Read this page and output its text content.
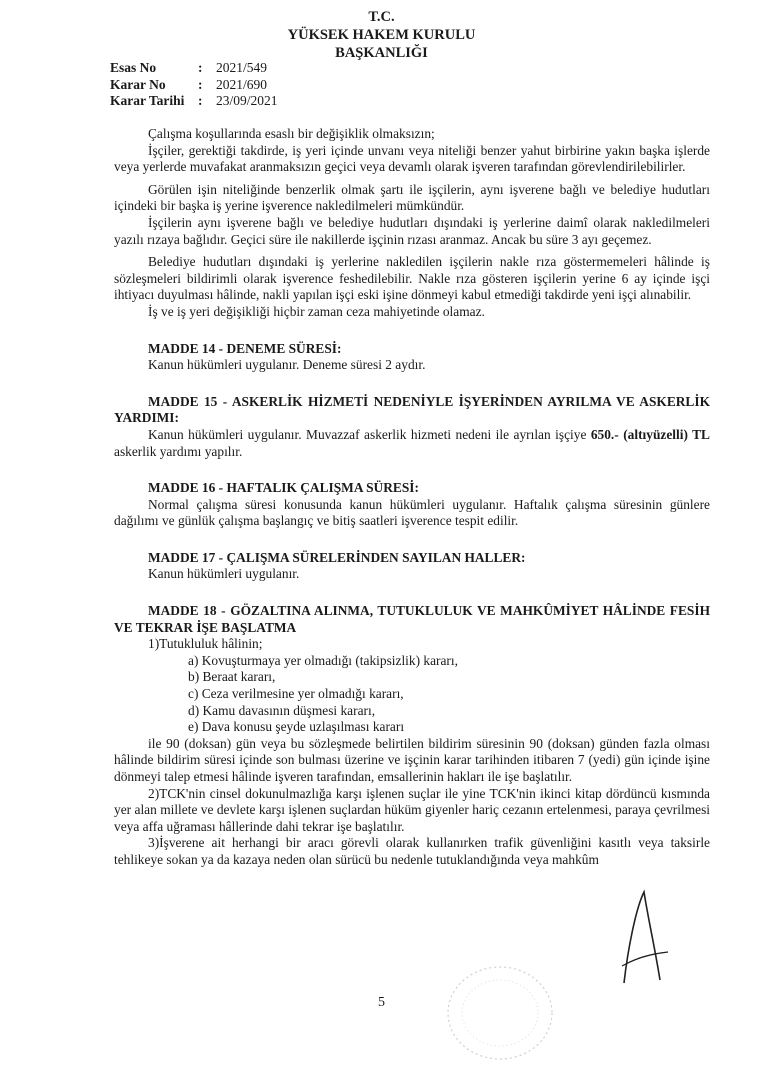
T.C.
YÜKSEK HAKEM KURULU
BAŞKANLIĞI
Esas No	:	2021/549
Karar No	:	2021/690
Karar Tarihi	:	23/09/2021

Çalışma koşullarında esaslı bir değişiklik olmaksızın;

İşçiler, gerektiği takdirde, iş yeri içinde unvanı veya niteliği benzer yahut birbirine yakın başka işlerde veya yerlerde muvafakat aranmaksızın geçici veya devamlı olarak işveren tarafından görevlendirilebilirler.

Görülen işin niteliğinde benzerlik olmak şartı ile işçilerin, aynı işverene bağlı ve belediye hudutları içindeki bir başka iş yerine işverence nakledilmeleri mümkündür.

İşçilerin aynı işverene bağlı ve belediye hudutları dışındaki iş yerlerine daimî olarak nakledilmeleri yazılı rızaya bağlıdır. Geçici süre ile nakillerde işçinin rızası aranmaz. Ancak bu süre 3 ayı geçemez.

Belediye hudutları dışındaki iş yerlerine nakledilen işçilerin nakle rıza göstermemeleri hâlinde iş sözleşmeleri bildirimli olarak işverence feshedilebilir. Nakle rıza gösteren işçilerin yerine 6 ay içinde işçi ihtiyacı duyulması hâlinde, nakli yapılan işçi eski işine dönmeyi kabul etmediği takdirde yeni işçi alınabilir.

İş ve iş yeri değişikliği hiçbir zaman ceza mahiyetinde olamaz.

MADDE 14 - DENEME SÜRESİ:

Kanun hükümleri uygulanır. Deneme süresi 2 aydır.

MADDE 15 - ASKERLİK HİZMETİ NEDENİYLE İŞYERİNDEN AYRILMA VE ASKERLİK YARDIMI:

Kanun hükümleri uygulanır. Muvazzaf askerlik hizmeti nedeni ile ayrılan işçiye 650.- (altıyüzelli) TL askerlik yardımı yapılır.

MADDE 16 - HAFTALIK ÇALIŞMA SÜRESİ:

Normal çalışma süresi konusunda kanun hükümleri uygulanır. Haftalık çalışma süresinin günlere dağılımı ve günlük çalışma başlangıç ve bitiş saatleri işverence tespit edilir.

MADDE 17 - ÇALIŞMA SÜRELERİNDEN SAYILAN HALLER:

Kanun hükümleri uygulanır.

MADDE 18 - GÖZALTINA ALINMA, TUTUKLULUK VE MAHKÛMİYET HÂLİNDE FESİH VE TEKRAR İŞE BAŞLATMA

1)Tutukluluk hâlinin;

a) Kovuşturmaya yer olmadığı (takipsizlik) kararı,

b) Beraat kararı,

c) Ceza verilmesine yer olmadığı kararı,

d) Kamu davasının düşmesi kararı,

e) Dava konusu şeyde uzlaşılması kararı

ile 90 (doksan) gün veya bu sözleşmede belirtilen bildirim süresinin 90 (doksan) günden fazla olması hâlinde bildirim süresi içinde son bulması üzerine ve işçinin karar tarihinden itibaren 7 (yedi) gün içinde işine dönmeyi talep etmesi hâlinde işveren tarafından, emsallerinin hakları ile işe başlatılır.

2)TCK'nin cinsel dokunulmazlığa karşı işlenen suçlar ile yine TCK'nin ikinci kitap dördüncü kısmında yer alan millete ve devlete karşı işlenen suçlardan hüküm giyenler hariç cezanın ertelenmesi, paraya çevrilmesi veya affa uğraması hâllerinde dahi tekrar işe başlatılır.

3)İşverene ait herhangi bir aracı görevli olarak kullanırken trafik güvenliğini kasıtlı veya taksirle tehlikeye sokan ya da kazaya neden olan sürücü bu nedenle tutuklandığında veya mahkûm

5
